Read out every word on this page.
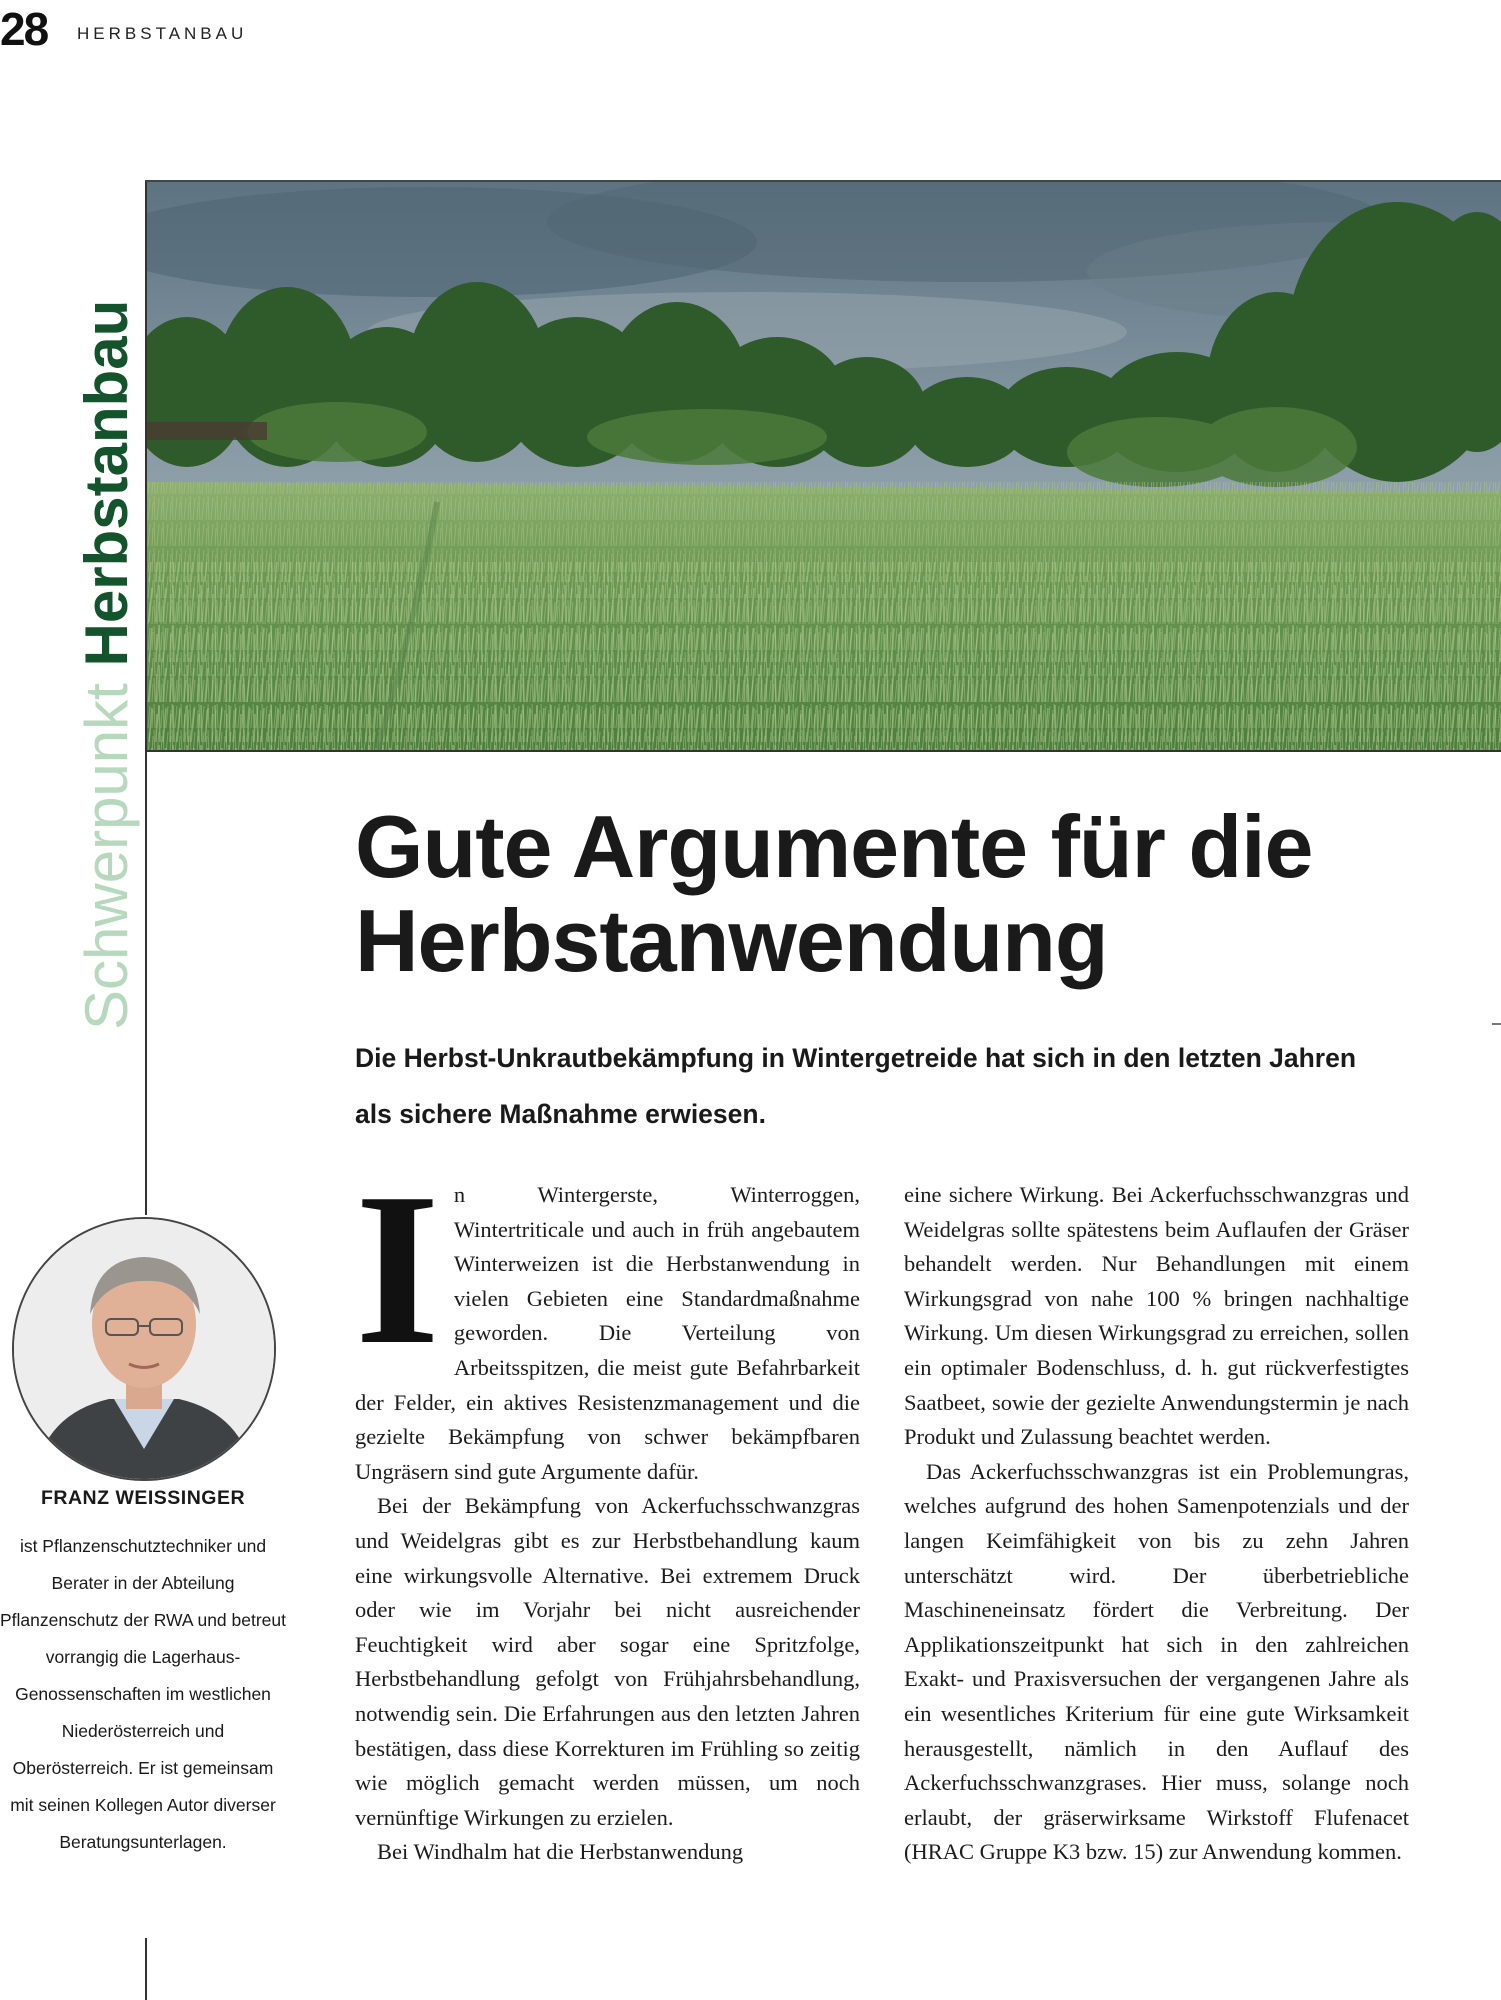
28 HERBSTANBAU
Schwerpunkt Herbstanbau
Gute Argumente für die Herbstanwendung

Die Herbst-Unkrautbekämpfung in Wintergetreide hat sich in den letzten Jahren als sichere Maßnahme erwiesen.

FRANZ WEISSINGER

ist Pflanzenschutztechniker und Berater in der Abteilung Pflanzenschutz der RWA und betreut vorrangig die Lagerhaus-Genossenschaften im westlichen Niederösterreich und Oberösterreich. Er ist gemeinsam mit seinen Kollegen Autor diverser Beratungsunterlagen.

In Wintergerste, Winterroggen, Wintertriticale und auch in früh angebautem Winterweizen ist die Herbstanwendung in vielen Gebieten eine Standardmaßnahme geworden. Die Verteilung von Arbeitsspitzen, die meist gute Befahrbarkeit der Felder, ein aktives Resistenzmanagement und die gezielte Bekämpfung von schwer bekämpfbaren Ungräsern sind gute Argumente dafür.

Bei der Bekämpfung von Ackerfuchsschwanzgras und Weidelgras gibt es zur Herbstbehandlung kaum eine wirkungsvolle Alternative. Bei extremem Druck oder wie im Vorjahr bei nicht ausreichender Feuchtigkeit wird aber sogar eine Spritzfolge, Herbstbehandlung gefolgt von Frühjahrsbehandlung, notwendig sein. Die Erfahrungen aus den letzten Jahren bestätigen, dass diese Korrekturen im Frühling so zeitig wie möglich gemacht werden müssen, um noch vernünftige Wirkungen zu erzielen.

Bei Windhalm hat die Herbstanwendung

eine sichere Wirkung. Bei Ackerfuchsschwanzgras und Weidelgras sollte spätestens beim Auflaufen der Gräser behandelt werden. Nur Behandlungen mit einem Wirkungsgrad von nahe 100 % bringen nachhaltige Wirkung. Um diesen Wirkungsgrad zu erreichen, sollen ein optimaler Bodenschluss, d. h. gut rückverfestigtes Saatbeet, sowie der gezielte Anwendungstermin je nach Produkt und Zulassung beachtet werden.

Das Ackerfuchsschwanzgras ist ein Problemungras, welches aufgrund des hohen Samenpotenzials und der langen Keimfähigkeit von bis zu zehn Jahren unterschätzt wird. Der überbetriebliche Maschineneinsatz fördert die Verbreitung. Der Applikationszeitpunkt hat sich in den zahlreichen Exakt- und Praxisversuchen der vergangenen Jahre als ein wesentliches Kriterium für eine gute Wirksamkeit herausgestellt, nämlich in den Auflauf des Ackerfuchsschwanzgrases. Hier muss, solange noch erlaubt, der gräserwirksame Wirkstoff Flufenacet (HRAC Gruppe K3 bzw. 15) zur Anwendung kommen.
